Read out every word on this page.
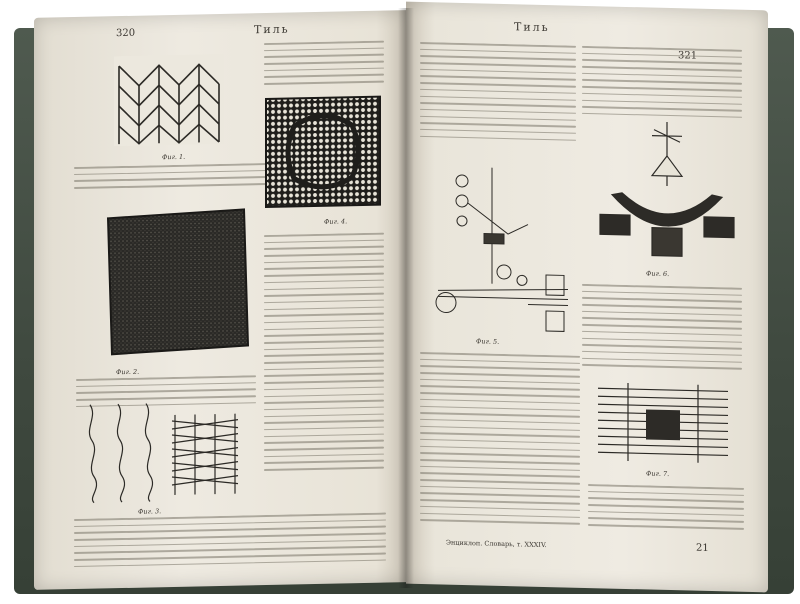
320	Тиль
Фиг. 1.
Фиг. 2.
Фиг. 4.
Фиг. 3.
Тиль
Фиг. 5.
Фиг. 6.
Фиг. 7.
Энциклоп. Словарь, т. XXXIV.	21
